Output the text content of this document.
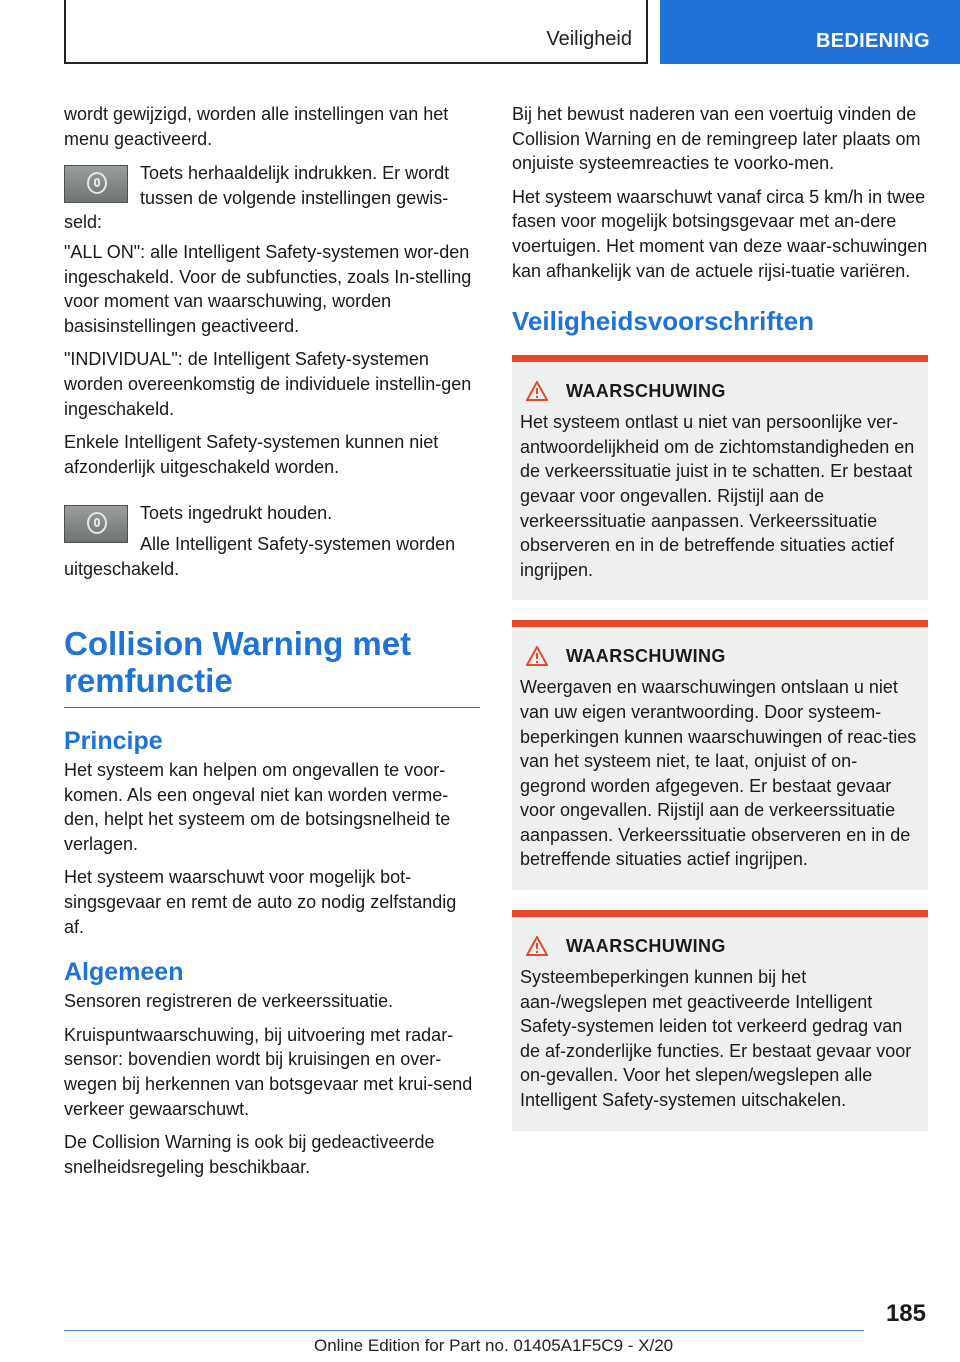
Veiligheid	BEDIENING

wordt gewijzigd, worden alle instellingen van het menu geactiveerd.

Toets herhaaldelijk indrukken. Er wordt tussen de volgende instellingen gewis-seld:

"ALL ON": alle Intelligent Safety-systemen wor-den ingeschakeld. Voor de subfuncties, zoals In-stelling voor moment van waarschuwing, worden basisinstellingen geactiveerd.

"INDIVIDUAL": de Intelligent Safety-systemen worden overeenkomstig de individuele instellin-gen ingeschakeld.

Enkele Intelligent Safety-systemen kunnen niet afzonderlijk uitgeschakeld worden.

Toets ingedrukt houden.
Alle Intelligent Safety-systemen worden uitgeschakeld.
Collision Warning met remfunctie
Principe

Het systeem kan helpen om ongevallen te voor-komen. Als een ongeval niet kan worden verme-den, helpt het systeem om de botsingsnelheid te verlagen.

Het systeem waarschuwt voor mogelijk bot-singsgevaar en remt de auto zo nodig zelfstandig af.

Algemeen

Sensoren registreren de verkeerssituatie.

Kruispuntwaarschuwing, bij uitvoering met radar-sensor: bovendien wordt bij kruisingen en over-wegen bij herkennen van botsgevaar met krui-send verkeer gewaarschuwt.

De Collision Warning is ook bij gedeactiveerde snelheidsregeling beschikbaar.

Bij het bewust naderen van een voertuig vinden de Collision Warning en de remingreep later plaats om onjuiste systeemreacties te voorko-men.

Het systeem waarschuwt vanaf circa 5 km/h in twee fasen voor mogelijk botsingsgevaar met an-dere voertuigen. Het moment van deze waar-schuwingen kan afhankelijk van de actuele rijsi-tuatie variëren.

Veiligheidsvoorschriften
WAARSCHUWING

Het systeem ontlast u niet van persoonlijke ver-antwoordelijkheid om de zichtomstandigheden en de verkeerssituatie juist in te schatten. Er bestaat gevaar voor ongevallen. Rijstijl aan de verkeerssituatie aanpassen. Verkeerssituatie observeren en in de betreffende situaties actief ingrijpen.

WAARSCHUWING

Weergaven en waarschuwingen ontslaan u niet van uw eigen verantwoording. Door systeem-beperkingen kunnen waarschuwingen of reac-ties van het systeem niet, te laat, onjuist of on-gegrond worden afgegeven. Er bestaat gevaar voor ongevallen. Rijstijl aan de verkeerssituatie aanpassen. Verkeerssituatie observeren en in de betreffende situaties actief ingrijpen.

WAARSCHUWING

Systeembeperkingen kunnen bij het aan-/wegslepen met geactiveerde Intelligent Safety-systemen leiden tot verkeerd gedrag van de af-zonderlijke functies. Er bestaat gevaar voor on-gevallen. Voor het slepen/wegslepen alle Intelligent Safety-systemen uitschakelen.

185
Online Edition for Part no. 01405A1F5C9 - X/20
